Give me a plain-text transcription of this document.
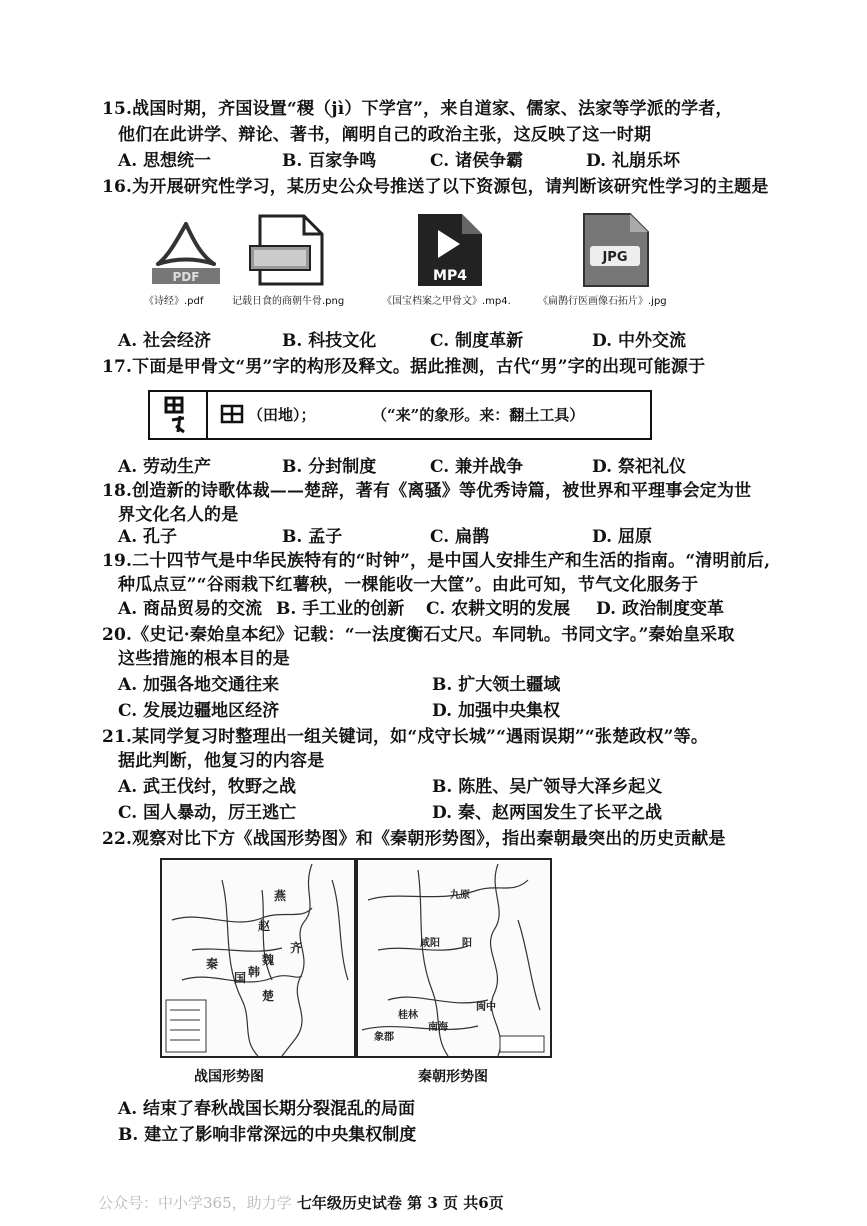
15.战国时期，齐国设置“稷（jì）下学宫”，来自道家、儒家、法家等学派的学者，
他们在此讲学、辩论、著书，阐明自己的政治主张，这反映了这一时期
A. 思想统一	B. 百家争鸣	C. 诸侯争霸	D. 礼崩乐坏
16.为开展研究性学习，某历史公众号推送了以下资源包，请判断该研究性学习的主题是
PDF
《诗经》.pdf	记载日食的商朝牛骨.png
MP4
《国宝档案之甲骨文》.mp4.
JPG
《扁鹊行医画像石拓片》.jpg
A. 社会经济	B. 科技文化	C. 制度革新	D. 中外交流
17.下面是甲骨文“男”字的构形及释文。据此推测，古代“男”字的出现可能源于
（田地）；	（“来”的象形。来：翻土工具）
A. 劳动生产	B. 分封制度	C. 兼并战争	D. 祭祀礼仪
18.创造新的诗歌体裁——楚辞，著有《离骚》等优秀诗篇，被世界和平理事会定为世
界文化名人的是
A. 孔子	B. 孟子	C. 扁鹊	D. 屈原
19.二十四节气是中华民族特有的“时钟”，是中国人安排生产和生活的指南。“清明前后,
种瓜点豆”“谷雨栽下红薯秧，一棵能收一大筐”。由此可知，节气文化服务于
A. 商品贸易的交流 B. 手工业的创新 C. 农耕文明的发展 D. 政治制度变革
20.《史记·秦始皇本纪》记载：“一法度衡石丈尺。车同轨。书同文字。”秦始皇采取
这些措施的根本目的是
A. 加强各地交通往来	B. 扩大领土疆域
C. 发展边疆地区经济	D. 加强中央集权
21.某同学复习时整理出一组关键词，如“戍守长城”“遇雨误期”“张楚政权”等。
据此判断，他复习的内容是
A. 武王伐纣，牧野之战	B. 陈胜、吴广领导大泽乡起义
C. 国人暴动，厉王逃亡	D. 秦、赵两国发生了长平之战
22.观察对比下方《战国形势图》和《秦朝形势图》，指出秦朝最突出的历史贡献是
燕
赵
齐
魏
韩
秦
楚
国
九原
咸阳 阳
南海
桂林
象郡
闽中
战国形势图	秦朝形势图
A. 结束了春秋战国长期分裂混乱的局面
B. 建立了影响非常深远的中央集权制度
公众号：中小学365，助力学 七年级历史试卷 第 3 页 共6页
